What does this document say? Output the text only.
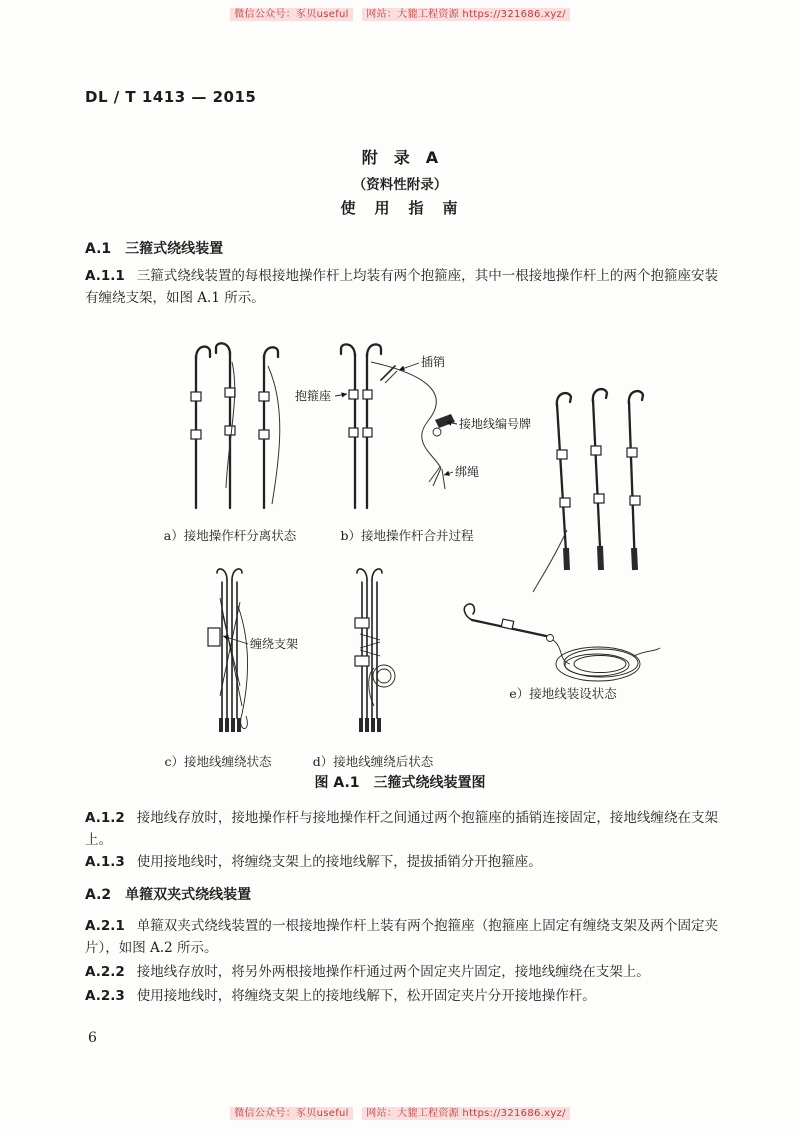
微信公众号：豕贝useful 网站：大貔工程资源 https://321686.xyz/
DL / T 1413 — 2015
附　录　A
（资料性附录）
使　用　指　南
A.1　三箍式绕线装置
A.1.1 三箍式绕线装置的每根接地操作杆上均装有两个抱箍座，其中一根接地操作杆上的两个抱箍座安装有缠绕支架，如图 A.1 所示。
插销
抱箍座
接地线编号牌
绑绳
缠绕支架
a）接地操作杆分离状态	b）接地操作杆合并过程
c）接地线缠绕状态	d）接地线缠绕后状态
e）接地线装设状态
图 A.1　三箍式绕线装置图
A.1.2 接地线存放时，接地操作杆与接地操作杆之间通过两个抱箍座的插销连接固定，接地线缠绕在支架上。
A.1.3 使用接地线时，将缠绕支架上的接地线解下，提拔插销分开抱箍座。
A.2　单箍双夹式绕线装置
A.2.1 单箍双夹式绕线装置的一根接地操作杆上装有两个抱箍座（抱箍座上固定有缠绕支架及两个固定夹片），如图 A.2 所示。
A.2.2 接地线存放时，将另外两根接地操作杆通过两个固定夹片固定，接地线缠绕在支架上。
A.2.3 使用接地线时，将缠绕支架上的接地线解下，松开固定夹片分开接地操作杆。
6
微信公众号：豕贝useful 网站：大貔工程资源 https://321686.xyz/
